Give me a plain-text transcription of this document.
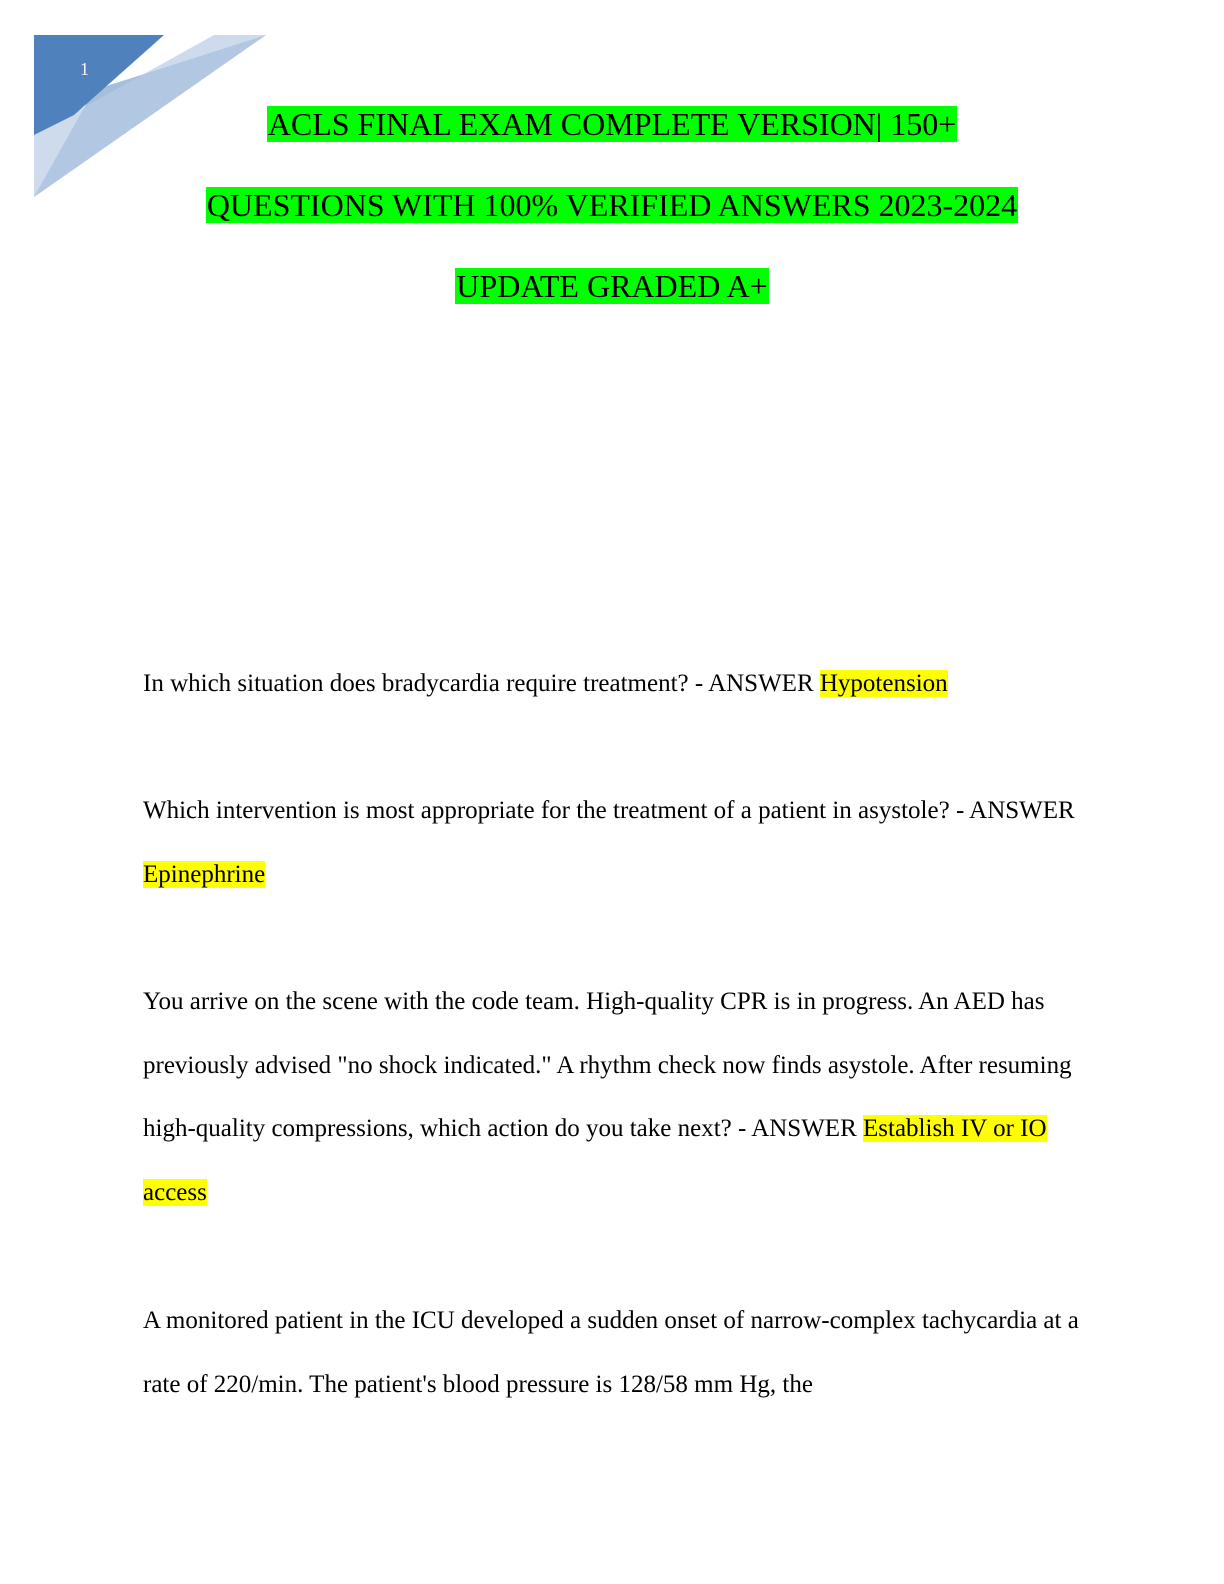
1
ACLS FINAL EXAM COMPLETE VERSION| 150+
QUESTIONS WITH 100% VERIFIED ANSWERS 2023-2024
UPDATE GRADED A+
In which situation does bradycardia require treatment? - ANSWER Hypotension
Which intervention is most appropriate for the treatment of a patient in asystole? - ANSWER Epinephrine
You arrive on the scene with the code team. High-quality CPR is in progress. An AED has previously advised "no shock indicated." A rhythm check now finds asystole. After resuming high-quality compressions, which action do you take next? - ANSWER Establish IV or IO access
A monitored patient in the ICU developed a sudden onset of narrow-complex tachycardia at a rate of 220/min. The patient's blood pressure is 128/58 mm Hg, the
